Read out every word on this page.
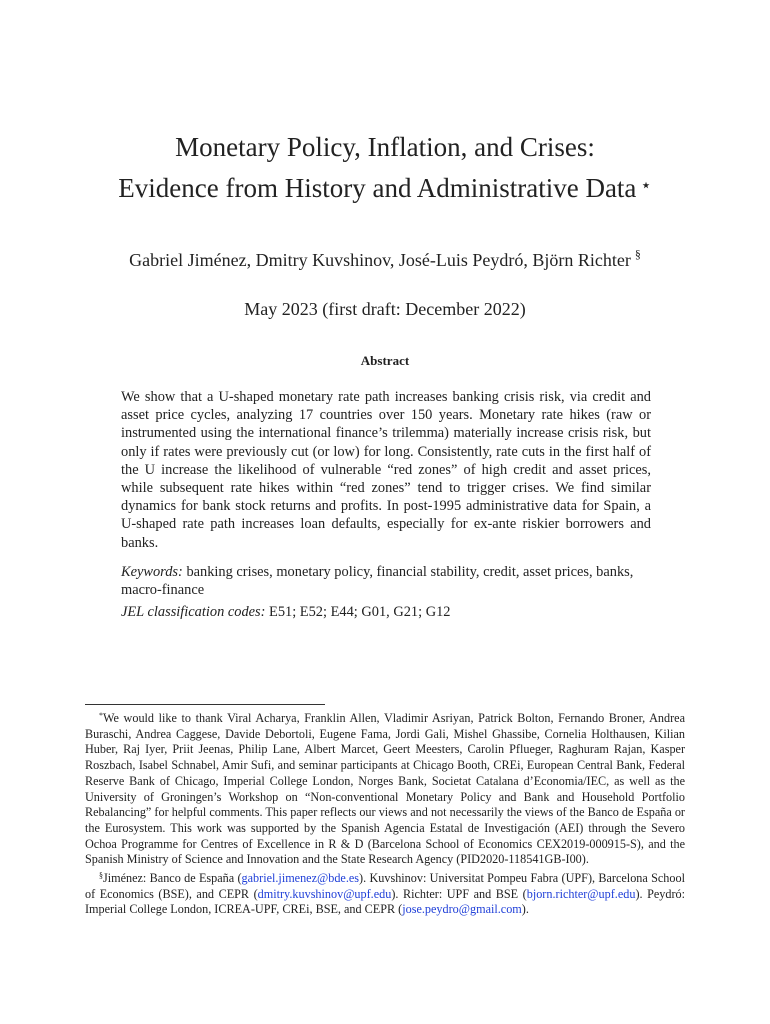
Monetary Policy, Inflation, and Crises:
Evidence from History and Administrative Data ⋆
Gabriel Jiménez, Dmitry Kuvshinov, José-Luis Peydró, Björn Richter §
May 2023 (first draft: December 2022)
Abstract
We show that a U-shaped monetary rate path increases banking crisis risk, via credit and asset price cycles, analyzing 17 countries over 150 years. Monetary rate hikes (raw or instrumented using the international finance’s trilemma) materially increase crisis risk, but only if rates were previously cut (or low) for long. Consistently, rate cuts in the first half of the U increase the likelihood of vulnerable “red zones” of high credit and asset prices, while subsequent rate hikes within “red zones” tend to trigger crises. We find similar dynamics for bank stock returns and profits. In post-1995 administrative data for Spain, a U-shaped rate path increases loan defaults, especially for ex-ante riskier borrowers and banks.
Keywords: banking crises, monetary policy, financial stability, credit, asset prices, banks, macro-finance
JEL classification codes: E51; E52; E44; G01, G21; G12

*We would like to thank Viral Acharya, Franklin Allen, Vladimir Asriyan, Patrick Bolton, Fernando Broner, Andrea Buraschi, Andrea Caggese, Davide Debortoli, Eugene Fama, Jordi Gali, Mishel Ghassibe, Cornelia Holthausen, Kilian Huber, Raj Iyer, Priit Jeenas, Philip Lane, Albert Marcet, Geert Meesters, Carolin Pflueger, Raghuram Rajan, Kasper Roszbach, Isabel Schnabel, Amir Sufi, and seminar participants at Chicago Booth, CREi, European Central Bank, Federal Reserve Bank of Chicago, Imperial College London, Norges Bank, Societat Catalana d’Economia/IEC, as well as the University of Groningen’s Workshop on “Non-conventional Monetary Policy and Bank and Household Portfolio Rebalancing” for helpful comments. This paper reflects our views and not necessarily the views of the Banco de España or the Eurosystem. This work was supported by the Spanish Agencia Estatal de Investigación (AEI) through the Severo Ochoa Programme for Centres of Excellence in R & D (Barcelona School of Economics CEX2019-000915-S), and the Spanish Ministry of Science and Innovation and the State Research Agency (PID2020-118541GB-I00).

§Jiménez: Banco de España (gabriel.jimenez@bde.es). Kuvshinov: Universitat Pompeu Fabra (UPF), Barcelona School of Economics (BSE), and CEPR (dmitry.kuvshinov@upf.edu). Richter: UPF and BSE (bjorn.richter@upf.edu). Peydró: Imperial College London, ICREA-UPF, CREi, BSE, and CEPR (jose.peydro@gmail.com).
